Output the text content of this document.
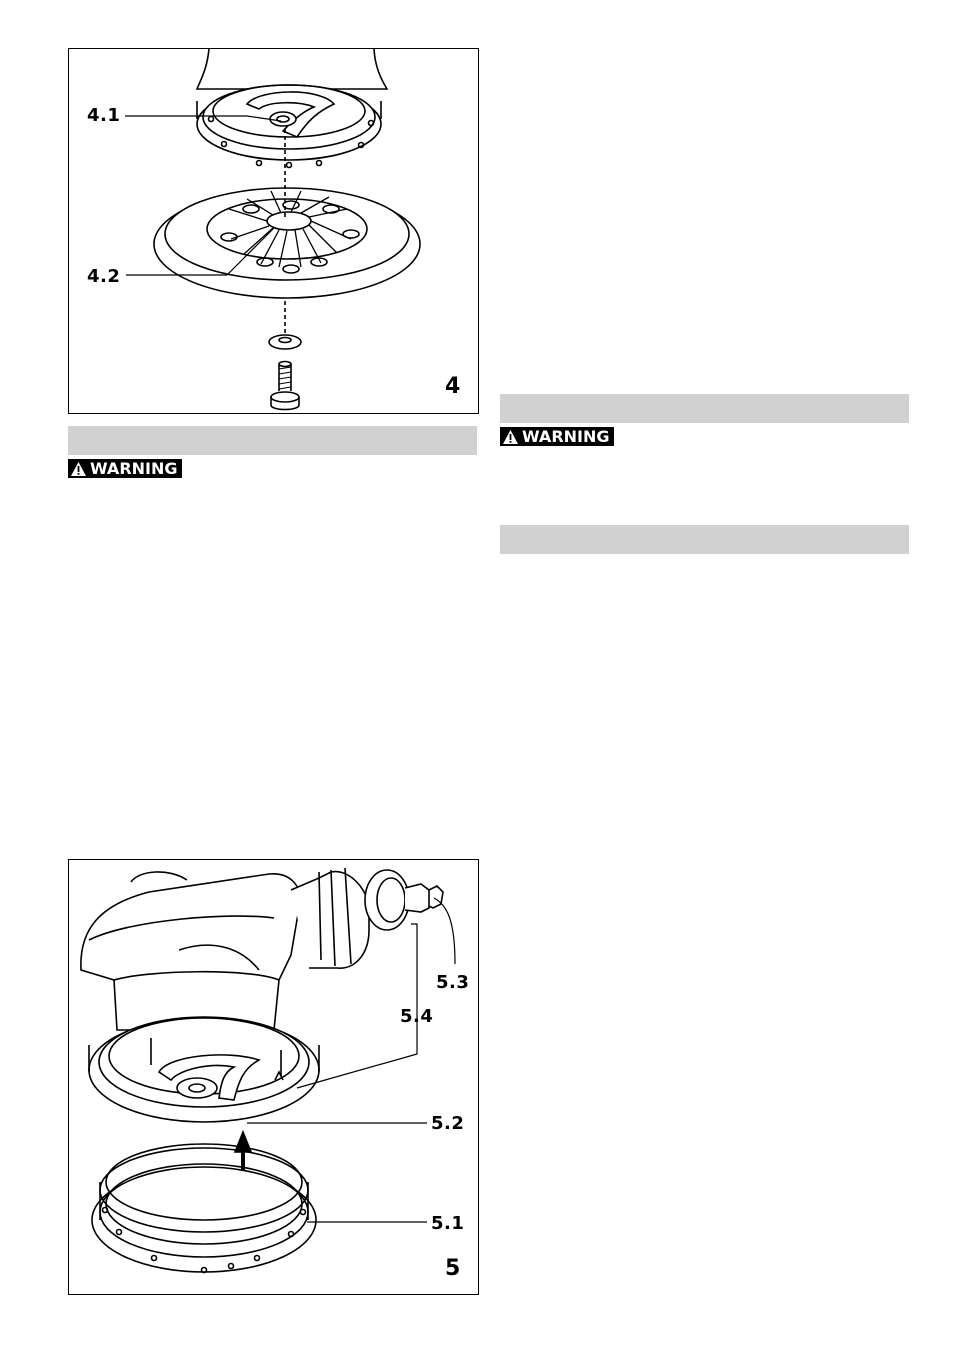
4.1
4.2
4
WARNING
WARNING
5.3
5.4
5.2
5.1
5
